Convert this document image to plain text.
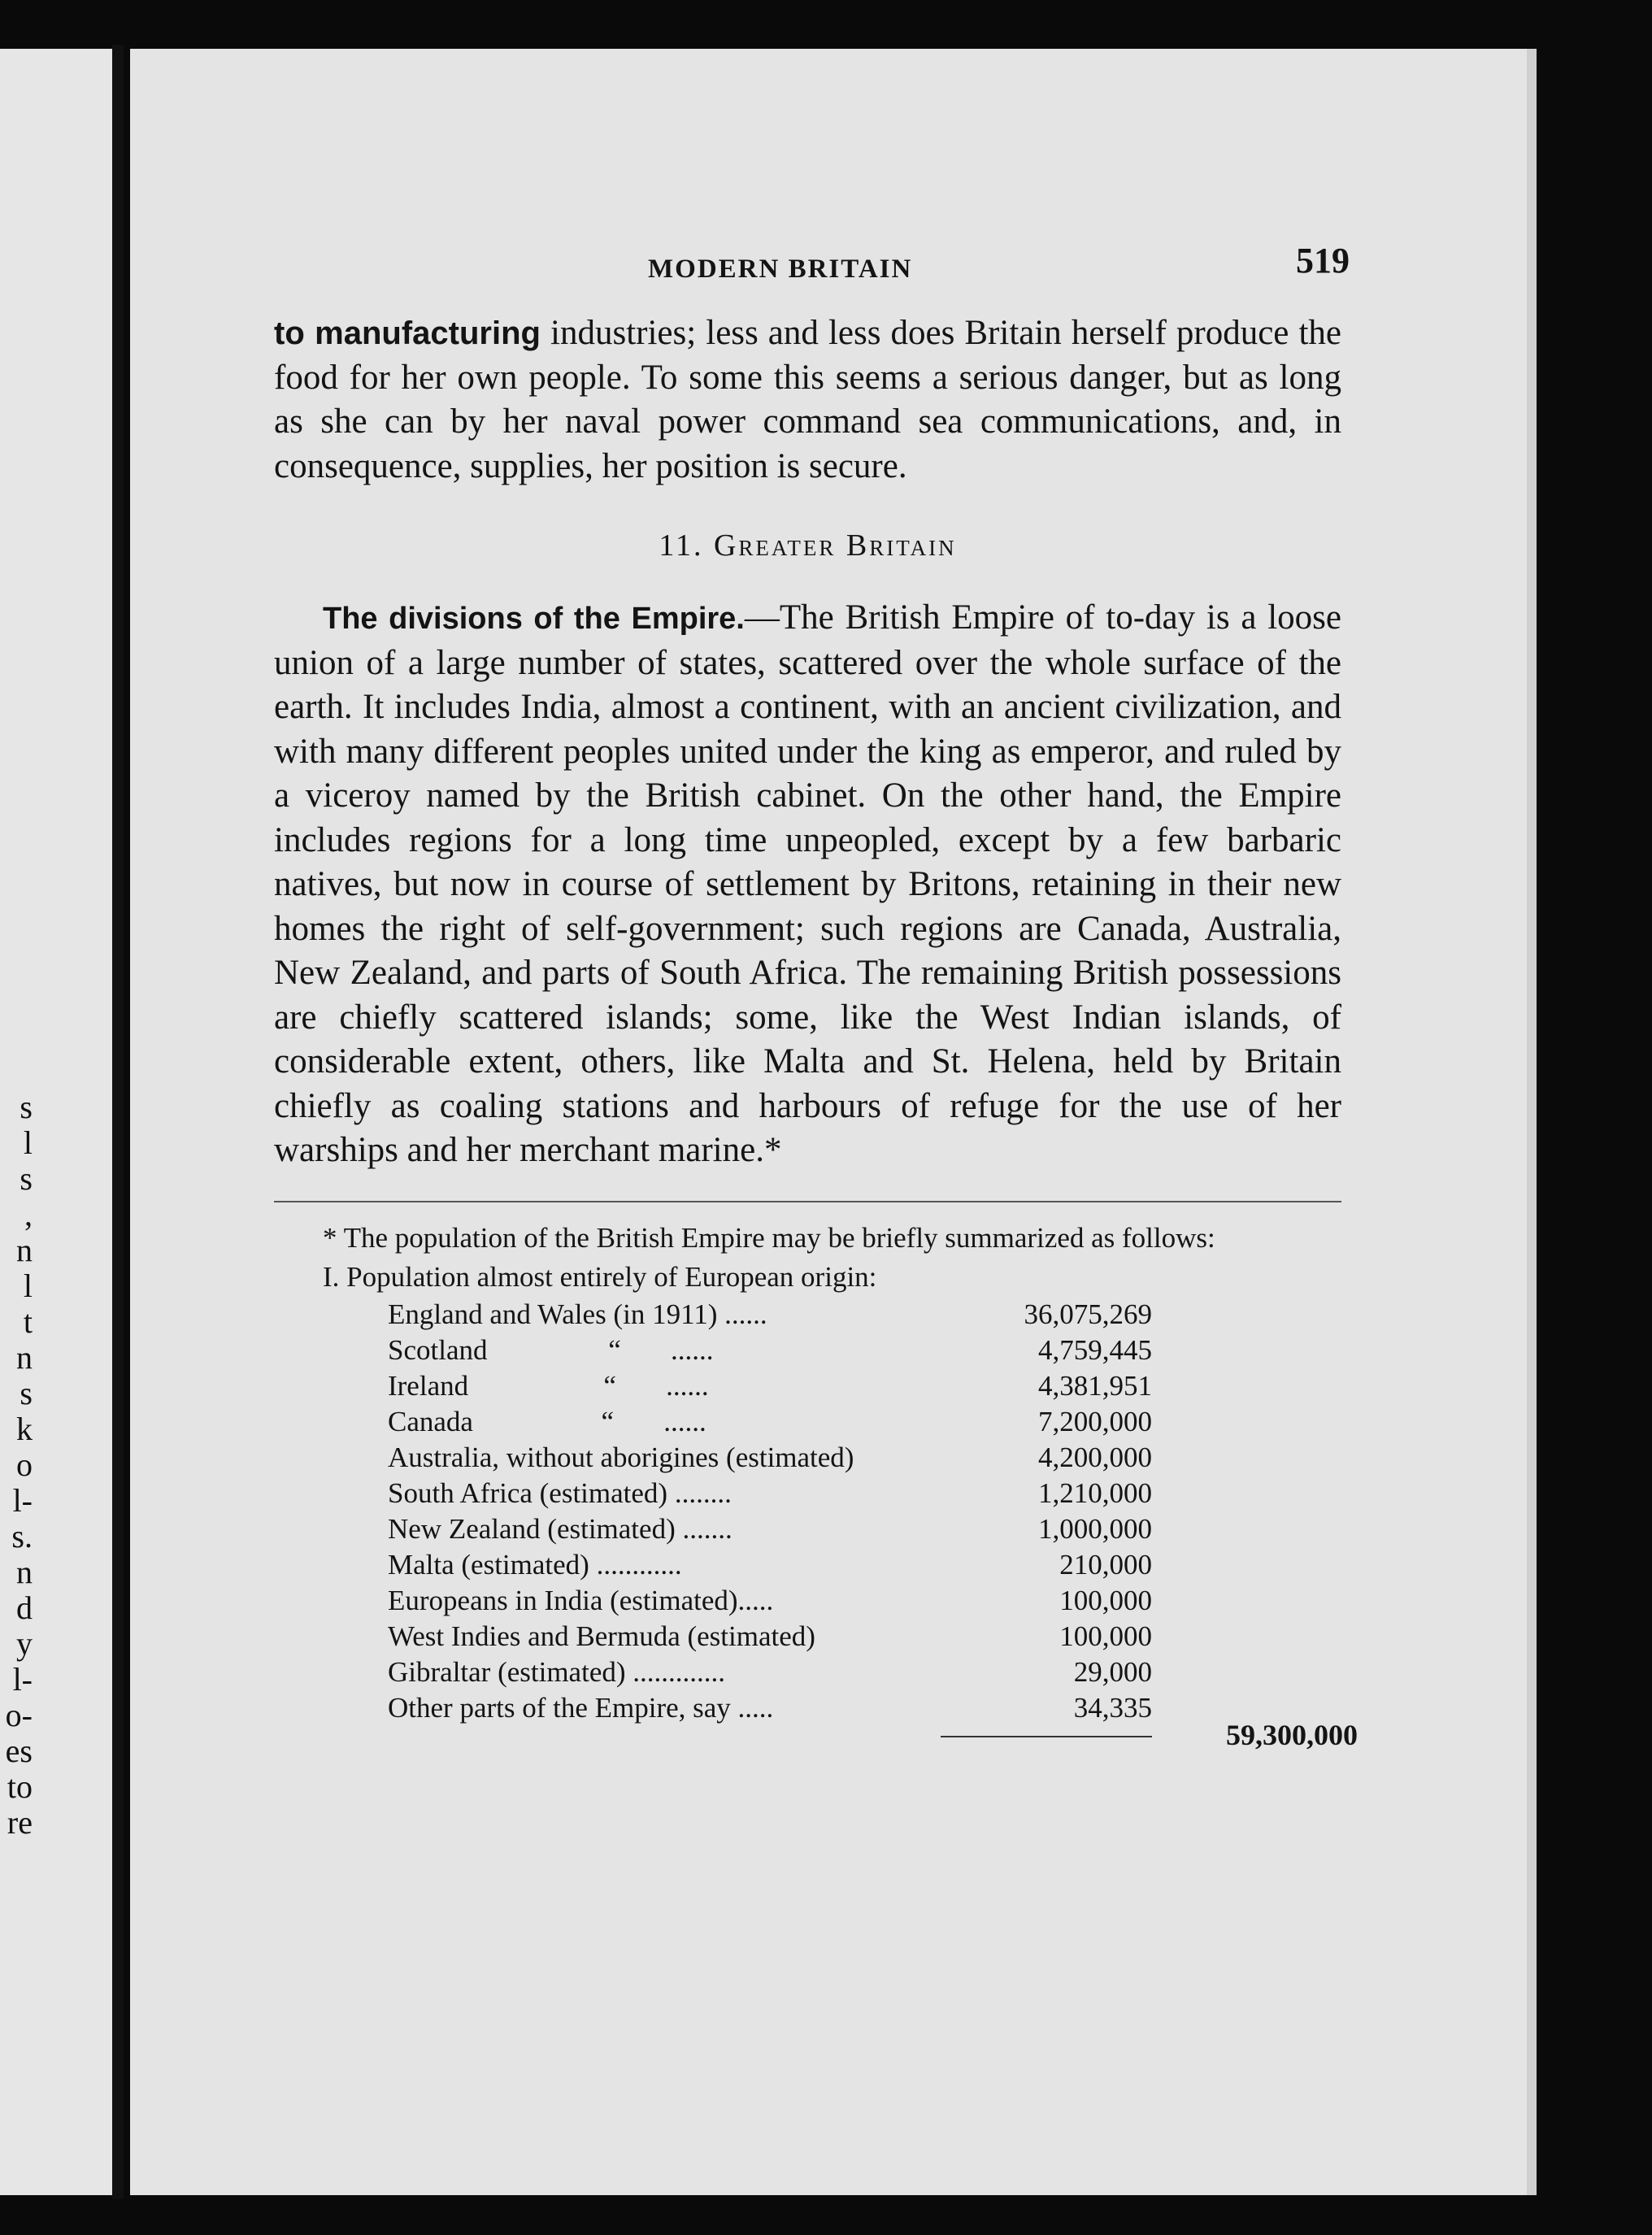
s
l
s
,
n
l
t
n
s
k
o
l-
s.
n
d
y
l-
o-
es
to
re
MODERN BRITAIN	519

to manufacturing industries; less and less does Britain herself produce the food for her own people. To some this seems a serious danger, but as long as she can by her naval power command sea communications, and, in consequence, supplies, her position is secure.

11. Greater Britain

The divisions of the Empire.—The British Empire of to-day is a loose union of a large number of states, scattered over the whole surface of the earth. It includes India, almost a continent, with an ancient civilization, and with many different peoples united under the king as emperor, and ruled by a viceroy named by the British cabinet. On the other hand, the Empire includes regions for a long time unpeopled, except by a few barbaric natives, but now in course of settlement by Britons, retaining in their new homes the right of self-government; such regions are Canada, Australia, New Zealand, and parts of South Africa. The remaining British possessions are chiefly scattered islands; some, like the West Indian islands, of considerable extent, others, like Malta and St. Helena, held by Britain chiefly as coaling stations and harbours of refuge for the use of her warships and her merchant marine.*

* The population of the British Empire may be briefly summarized as follows:

I. Population almost entirely of European origin:

England and Wales (in 1911) ......	36,075,269
Scotland                 “       ......	4,759,445
Ireland                   “       ......	4,381,951
Canada                  “       ......	7,200,000
Australia, without aborigines (estimated)	4,200,000
South Africa (estimated) ........	1,210,000
New Zealand (estimated) .......	1,000,000
Malta (estimated) ............	210,000
Europeans in India (estimated).....	100,000
West Indies and Bermuda (estimated)	100,000
Gibraltar (estimated) .............	29,000
Other parts of the Empire, say .....	34,335
59,300,000
